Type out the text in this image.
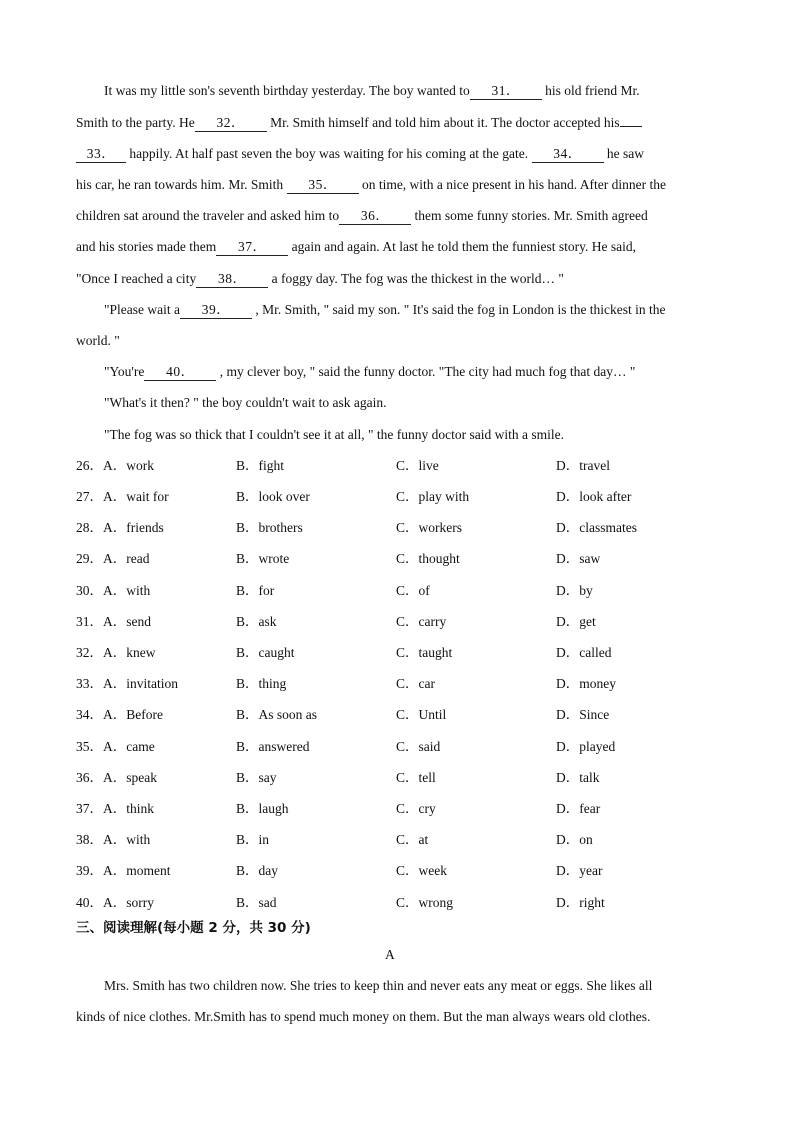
It was my little son's seventh birthday yesterday. The boy wanted to 31． his old friend Mr.
Smith to the party. He 32． Mr. Smith himself and told him about it. The doctor accepted his
33． happily. At half past seven the boy was waiting for his coming at the gate. 34． he saw
his car, he ran towards him. Mr. Smith 35． on time, with a nice present in his hand. After dinner the
children sat around the traveler and asked him to 36． them some funny stories. Mr. Smith agreed
and his stories made them 37． again and again. At last he told them the funniest story. He said,
"Once I reached a city 38． a foggy day. The fog was the thickest in the world… "
"Please wait a 39． , Mr. Smith, " said my son. " It's said the fog in London is the thickest in the
world. "
"You're 40． , my clever boy, " said the funny doctor. "The city had much fog that day… "
"What's it then? " the boy couldn't wait to ask again.
"The fog was so thick that I couldn't see it at all, " the funny doctor said with a smile.
26．A．work	B．fight	C．live	D．travel
27．A．wait for	B．look over	C．play with	D．look after
28．A．friends	B．brothers	C．workers	D．classmates
29．A．read	B．wrote	C．thought	D．saw
30．A．with	B．for	C．of	D．by
31．A．send	B．ask	C．carry	D．get
32．A．knew	B．caught	C．taught	D．called
33．A．invitation	B．thing	C．car	D．money
34．A．Before	B．As soon as	C．Until	D．Since
35．A．came	B．answered	C．said	D．played
36．A．speak	B．say	C．tell	D．talk
37．A．think	B．laugh	C．cry	D．fear
38．A．with	B．in	C．at	D．on
39．A．moment	B．day	C．week	D．year
40．A．sorry	B．sad	C．wrong	D．right
三、阅读理解(每小题 2 分，共 30 分)
A
Mrs. Smith has two children now. She tries to keep thin and never eats any meat or eggs. She likes all
kinds of nice clothes. Mr.Smith has to spend much money on them. But the man always wears old clothes.
